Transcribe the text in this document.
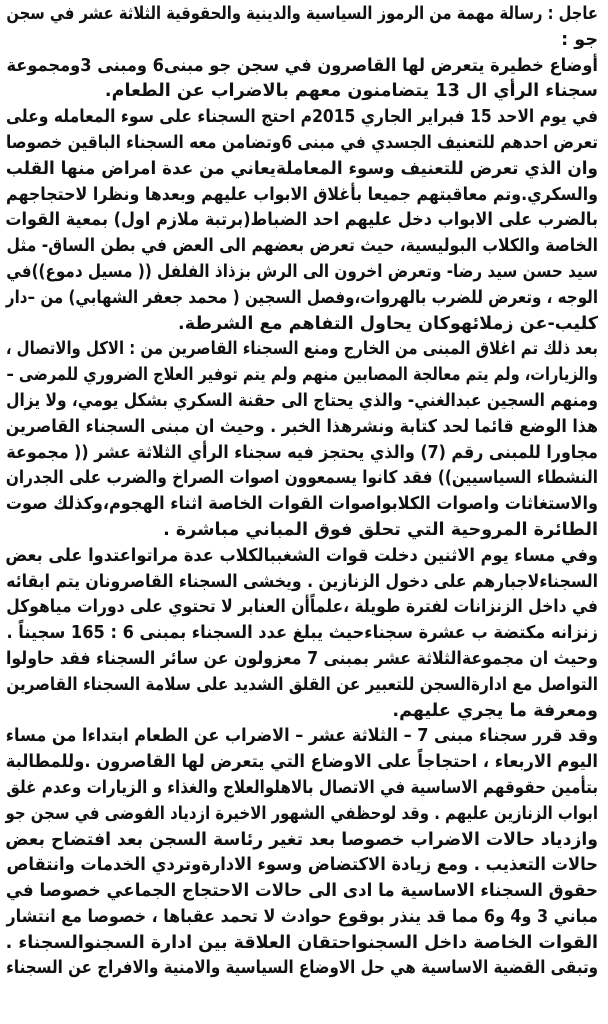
عاجل : رسالة مهمة من الرموز السياسية والدينية والحقوقية الثلاثة عشر في سجن
جو :
أوضاع خطيرة يتعرض لها القاصرون في سجن جو مبنى6 ومبنى 3ومجموعة
سجناء الرأي ال 13 يتضامنون معهم بالاضراب عن الطعام.
في يوم الاحد 15 فبراير الجاري 2015م احتج السجناء على سوء المعامله وعلى
تعرض احدهم للتعنيف الجسدي في مبنى 6وتضامن معه السجناء الباقين خصوصا
وان الذي تعرض للتعنيف وسوء المعاملةيعاني من عدة امراض منها القلب
والسكري.وتم معاقبتهم جميعا بأغلاق الابواب عليهم وبعدها ونظرا لاحتجاجهم
بالضرب على الابواب دخل عليهم احد الضباط(برتبة ملازم اول) بمعية القوات
الخاصة والكلاب البوليسية، حيث تعرض بعضهم الى العض في بطن الساق- مثل
سيد حسن سيد رضا- وتعرض اخرون الى الرش بزذاذ الفلفل (( مسيل دموع))في
الوجه ، وتعرض للضرب بالهروات،وفصل السجين ( محمد جعفر الشهابي) من –دار
كليب-عن زملائهوكان يحاول التفاهم مع الشرطة.
بعد ذلك تم اغلاق المبنى من الخارج ومنع السجناء القاصرين من : الاكل والاتصال ،
والزيارات، ولم يتم معالجة المصابين منهم ولم يتم توفير العلاج الضروري للمرضى –
ومنهم السجين عبدالغني- والذي يحتاج الى حقنة السكري بشكل يومي، ولا يزال
هذا الوضع قائما لحد كتابة ونشرهذا الخبر . وحيث ان مبنى السجناء القاصرين
مجاورا للمبنى رقم (7) والذي يحتجز فيه سجناء الرأي الثلاثة عشر (( مجموعة
النشطاء السياسيين)) فقد كانوا يسمعوون اصوات الصراخ والضرب على الجدران
والاستغاثات واصوات الكلابواصوات القوات الخاصة اثناء الهجوم،وكذلك صوت
الطائرة المروحية التي تحلق فوق المباني مباشرة .
وفي مساء يوم الاثنين دخلت قوات الشغببالكلاب عدة مراتواعتدوا على بعض
السجناءلاجبارهم على دخول الزنازين . ويخشى السجناء القاصرونان يتم ابقائه
في داخل الزنزانات لفترة طويلة ،علماًأن العنابر لا تحتوي على دورات مياهوكل
زنزانه مكتضة ب عشرة سجناءحيث يبلغ عدد السجناء بمبنى 6 : 165 سجيناً .
وحيث ان مجموعةالثلاثة عشر بمبنى 7 معزولون عن سائر السجناء فقد حاولوا
التواصل مع ادارةالسجن للتعبير عن القلق الشديد على سلامة السجناء القاصرين
ومعرفة ما يجري عليهم.
وقد قرر سجناء مبنى 7 – الثلاثة عشر – الاضراب عن الطعام ابتداءا من مساء
اليوم الاربعاء ، احتجاجاً على الاوضاع التي يتعرض لها القاصرون .وللمطالبة
بتأمين حقوقهم الاساسية في الاتصال بالاهلوالعلاج والغذاء و الزيارات وعدم غلق
ابواب الزنازين عليهم . وقد لوحظفي الشهور الاخيرة ازدياد الفوضى في سجن جو
وازدياد حالات الاضراب خصوصا بعد تغير رئاسة السجن بعد افتضاح بعض
حالات التعذيب . ومع زيادة الاكتضاض وسوء الادارةوتردي الخدمات وانتقاص
حقوق السجناء الاساسية ما ادى الى حالات الاحتجاج الجماعي خصوصا في
مباني 3 و4 و6 مما قد ينذر بوقوع حوادث لا تحمد عقباها ، خصوصا مع انتشار
القوات الخاصة داخل السجنواحتقان العلاقة بين ادارة السجنوالسجناء .
وتبقى القضية الاساسية هي حل الاوضاع السياسية والامنية والافراج عن السجناء
